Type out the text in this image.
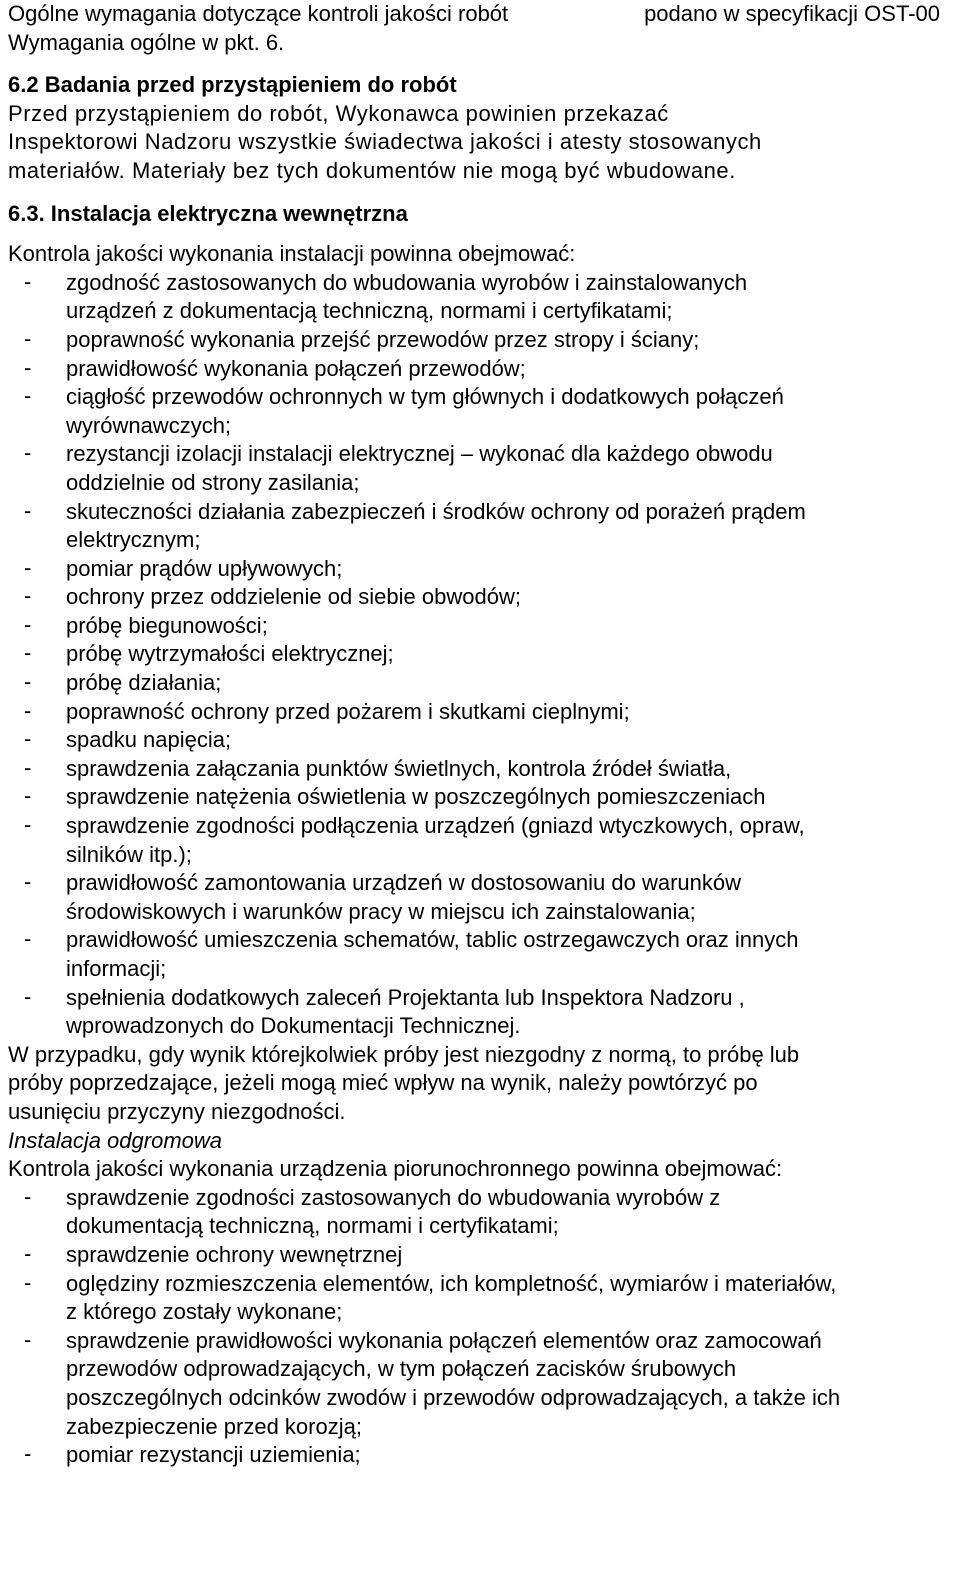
Ogólne wymagania dotyczące kontroli jakości robót	podano w specyfikacji OST-00
Wymagania ogólne w pkt. 6.
6.2 Badania przed przystąpieniem do robót
Przed przystąpieniem do robót, Wykonawca powinien przekazać
Inspektorowi Nadzoru wszystkie świadectwa jakości i atesty stosowanych
materiałów. Materiały bez tych dokumentów nie mogą być wbudowane.
6.3. Instalacja elektryczna wewnętrzna
Kontrola jakości wykonania instalacji powinna obejmować:
- zgodność zastosowanych do wbudowania wyrobów i zainstalowanych
urządzeń z dokumentacją techniczną, normami i certyfikatami;
- poprawność wykonania przejść przewodów przez stropy i ściany;
- prawidłowość wykonania połączeń przewodów;
- ciągłość przewodów ochronnych w tym głównych i dodatkowych połączeń
wyrównawczych;
- rezystancji izolacji instalacji elektrycznej – wykonać dla każdego obwodu
oddzielnie od strony zasilania;
- skuteczności działania zabezpieczeń i środków ochrony od porażeń prądem
elektrycznym;
- pomiar prądów upływowych;
- ochrony przez oddzielenie od siebie obwodów;
- próbę biegunowości;
- próbę wytrzymałości elektrycznej;
- próbę działania;
- poprawność ochrony przed pożarem i skutkami cieplnymi;
- spadku napięcia;
- sprawdzenia załączania punktów świetlnych, kontrola źródeł światła,
- sprawdzenie natężenia oświetlenia w poszczególnych pomieszczeniach
- sprawdzenie zgodności podłączenia urządzeń (gniazd wtyczkowych, opraw,
silników itp.);
- prawidłowość zamontowania urządzeń w dostosowaniu do warunków
środowiskowych i warunków pracy w miejscu ich zainstalowania;
- prawidłowość umieszczenia schematów, tablic ostrzegawczych oraz innych
informacji;
- spełnienia dodatkowych zaleceń Projektanta lub Inspektora Nadzoru ,
wprowadzonych do Dokumentacji Technicznej.
W przypadku, gdy wynik którejkolwiek próby jest niezgodny z normą, to próbę lub
próby poprzedzające, jeżeli mogą mieć wpływ na wynik, należy powtórzyć po
usunięciu przyczyny niezgodności.
Instalacja odgromowa
Kontrola jakości wykonania urządzenia piorunochronnego powinna obejmować:
- sprawdzenie zgodności zastosowanych do wbudowania wyrobów z
dokumentacją techniczną, normami i certyfikatami;
- sprawdzenie ochrony wewnętrznej
- oględziny rozmieszczenia elementów, ich kompletność, wymiarów i materiałów,
z którego zostały wykonane;
- sprawdzenie prawidłowości wykonania połączeń elementów oraz zamocowań
przewodów odprowadzających, w tym połączeń zacisków śrubowych
poszczególnych odcinków zwodów i przewodów odprowadzających, a także ich
zabezpieczenie przed korozją;
- pomiar rezystancji uziemienia;
